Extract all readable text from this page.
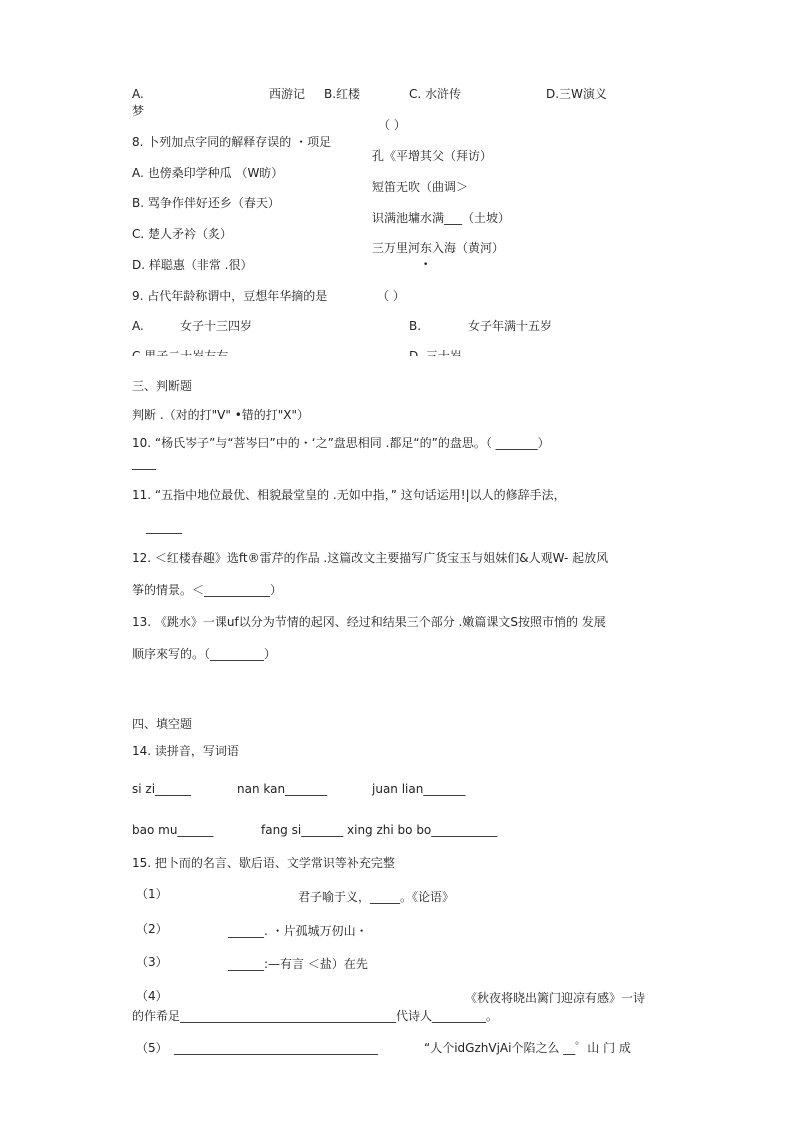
A.	西游记 B.红楼	C. 水浒传	D.三W演义
梦
（ ）
8. 卜列加点字同的解释存误的 ・项足
孔《平增其父（拜访）
A. 也傍桑印学种瓜 （W昉）
短笛无吹（曲调＞
B. 骂争作伴好还乡（春天）
识满池墉水满___（土坡）
C. 楚人矛衿（炙）
三万里河东入海（黄河）
D. 样聪惠（非常 .很）	•
9. 占代年龄称谓中，豆想年华摘的是	（ ）
A.	女子十三四岁	B.	女子年满十五岁
三、判断题
判断 .（对的打"V" •错的打"X"）
10. “杨氏岑子”与“菩岑曰”中的・‘之”盘思相同 .都足“的”的盘思。（ _______）
____
11. “五指中地位最优、相貌最堂皇的 .无如中指，” 这句话运用!|以人的修辞手法，
______
12. ＜红楼春趣》选ft®雷芹的作品 .这篇改文主要描写广货宝玉与姐妹们&人观W- 起放风
筝的情景。＜___________）
13. 《跳水》一课uf以分为节情的起冈、经过和结果三个部分 .嫩篇课文S按照市悄的 发展
顺序來写的。（_________）
四、填空题
14. 读拼音，写词语
si zi______	nan kan_______	juan lian_______
bao mu______	fang si_______ xing zhi bo bo___________
15. 把卜而的名言、歇后语、文学常识等补充完整
（1）	君子喻于义，_____。《论语》
（2）	______. ・片孤城万仞山・
（3）	______:—有言 ＜盐）在先
（4）	《秋夜将晓出篱门迎凉有感》一诗
的作希足____________________________________代诗人_________。
（5） __________________________________	“人个idGzhVjAi个陷之么 __゜山 门 成
